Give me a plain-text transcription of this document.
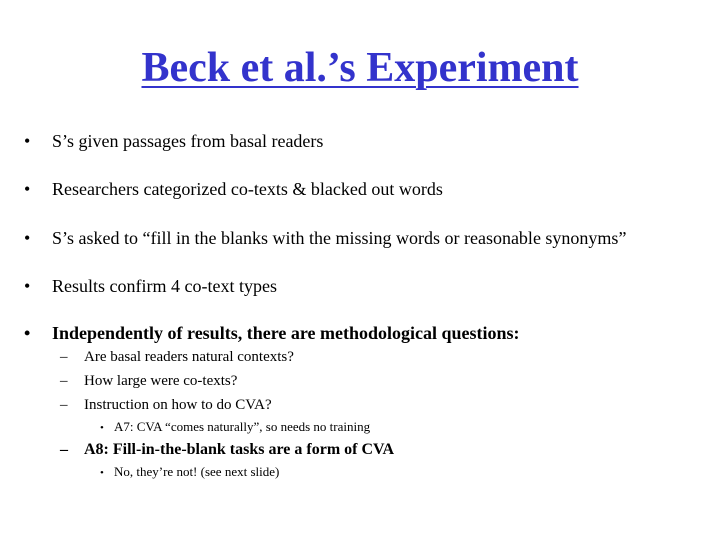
Beck et al.’s Experiment
• S’s given passages from basal readers
• Researchers categorized co-texts & blacked out words
• S’s asked to “fill in the blanks with the missing words or reasonable synonyms”
• Results confirm 4 co-text types
• Independently of results, there are methodological questions:
– Are basal readers natural contexts?
– How large were co-texts?
– Instruction on how to do CVA?
• A7: CVA “comes naturally”, so needs no training
– A8: Fill-in-the-blank tasks are a form of CVA
• No, they’re not! (see next slide)
